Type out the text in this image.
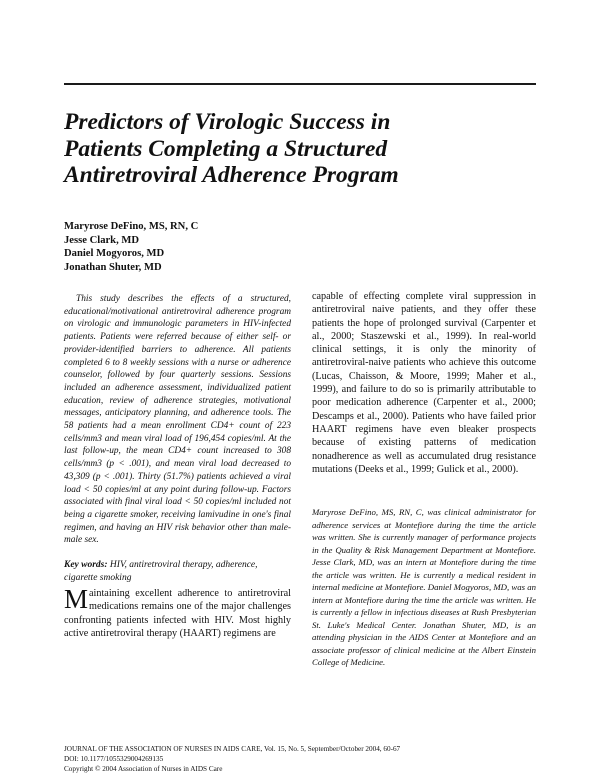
Predictors of Virologic Success in
Patients Completing a Structured
Antiretroviral Adherence Program
Maryrose DeFino, MS, RN, C
Jesse Clark, MD
Daniel Mogyoros, MD
Jonathan Shuter, MD

This study describes the effects of a structured, educational/motivational antiretroviral adherence program on virologic and immunologic parameters in HIV-infected patients. Patients were referred because of either self- or provider-identified barriers to adherence. All patients completed 6 to 8 weekly sessions with a nurse or adherence counselor, followed by four quarterly sessions. Sessions included an adherence assessment, individualized patient education, review of adherence strategies, motivational messages, anticipatory planning, and adherence tools. The 58 patients had a mean enrollment CD4+ count of 223 cells/mm3 and mean viral load of 196,454 copies/ml. At the last follow-up, the mean CD4+ count increased to 308 cells/mm3 (p < .001), and mean viral load decreased to 43,309 (p < .001). Thirty (51.7%) patients achieved a viral load < 50 copies/ml at any point during follow-up. Factors associated with final viral load < 50 copies/ml included not being a cigarette smoker, receiving lamivudine in one's final regimen, and having an HIV risk behavior other than male-male sex.

Key words: HIV, antiretroviral therapy, adherence, cigarette smoking

Maintaining excellent adherence to antiretroviral medications remains one of the major challenges confronting patients infected with HIV. Most highly active antiretroviral therapy (HAART) regimens are

capable of effecting complete viral suppression in antiretroviral naive patients, and they offer these patients the hope of prolonged survival (Carpenter et al., 2000; Staszewski et al., 1999). In real-world clinical settings, it is only the minority of antiretroviral-naive patients who achieve this outcome (Lucas, Chaisson, & Moore, 1999; Maher et al., 1999), and failure to do so is primarily attributable to poor medication adherence (Carpenter et al., 2000; Descamps et al., 2000). Patients who have failed prior HAART regimens have even bleaker prospects because of existing patterns of medication nonadherence as well as accumulated drug resistance mutations (Deeks et al., 1999; Gulick et al., 2000).

Maryrose DeFino, MS, RN, C, was clinical administrator for adherence services at Montefiore during the time the article was written. She is currently manager of performance projects in the Quality & Risk Management Department at Montefiore. Jesse Clark, MD, was an intern at Montefiore during the time the article was written. He is currently a medical resident in internal medicine at Montefiore. Daniel Mogyoros, MD, was an intern at Montefiore during the time the article was written. He is currently a fellow in infectious diseases at Rush Presbyterian St. Luke's Medical Center. Jonathan Shuter, MD, is an attending physician in the AIDS Center at Montefiore and an associate professor of clinical medicine at the Albert Einstein College of Medicine.

JOURNAL OF THE ASSOCIATION OF NURSES IN AIDS CARE, Vol. 15, No. 5, September/October 2004, 60-67
DOI: 10.1177/1055329004269135
Copyright © 2004 Association of Nurses in AIDS Care
